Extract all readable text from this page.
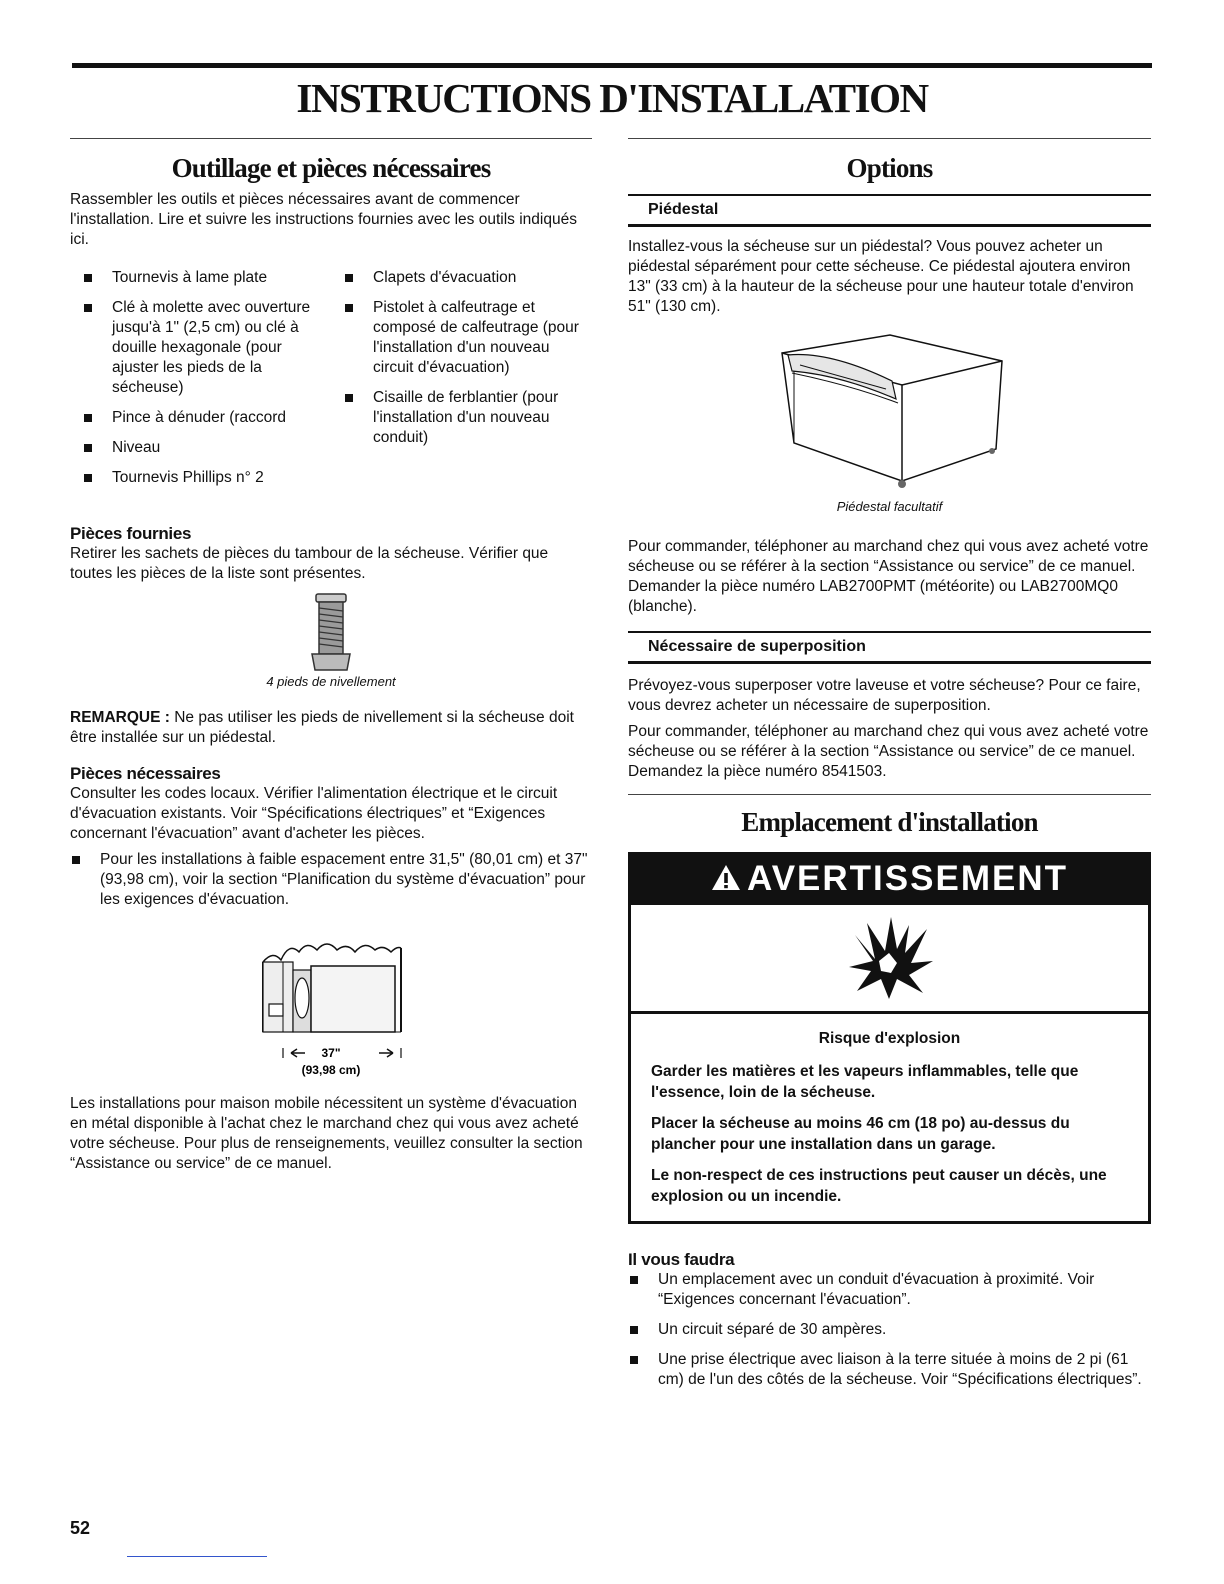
INSTRUCTIONS D'INSTALLATION
Outillage et pièces nécessaires

Rassembler les outils et pièces nécessaires avant de commencer l'installation. Lire et suivre les instructions fournies avec les outils indiqués ici.

Tournevis à lame plate
Clé à molette avec ouverture jusqu'à 1" (2,5 cm) ou clé à douille hexagonale (pour ajuster les pieds de la sécheuse)
Pince à dénuder (raccord
Niveau
Tournevis Phillips n° 2
Clapets d'évacuation
Pistolet à calfeutrage et composé de calfeutrage (pour l'installation d'un nouveau circuit d'évacuation)
Cisaille de ferblantier (pour l'installation d'un nouveau conduit)
Pièces fournies

Retirer les sachets de pièces du tambour de la sécheuse. Vérifier que toutes les pièces de la liste sont présentes.

4 pieds de nivellement

REMARQUE : Ne pas utiliser les pieds de nivellement si la sécheuse doit être installée sur un piédestal.

Pièces nécessaires

Consulter les codes locaux. Vérifier l'alimentation électrique et le circuit d'évacuation existants. Voir “Spécifications électriques” et “Exigences concernant l'évacuation” avant d'acheter les pièces.

Pour les installations à faible espacement entre 31,5" (80,01 cm) et 37" (93,98 cm), voir la section “Planification du système d'évacuation” pour les exigences d'évacuation.
37"
(93,98 cm)

Les installations pour maison mobile nécessitent un système d'évacuation en métal disponible à l'achat chez le marchand chez qui vous avez acheté votre sécheuse. Pour plus de renseignements, veuillez consulter la section “Assistance ou service” de ce manuel.

Options
Piédestal

Installez-vous la sécheuse sur un piédestal? Vous pouvez acheter un piédestal séparément pour cette sécheuse. Ce piédestal ajoutera environ 13" (33 cm) à la hauteur de la sécheuse pour une hauteur totale d'environ 51" (130 cm).

Piédestal facultatif

Pour commander, téléphoner au marchand chez qui vous avez acheté votre sécheuse ou se référer à la section “Assistance ou service” de ce manuel. Demander la pièce numéro LAB2700PMT (météorite) ou LAB2700MQ0 (blanche).

Nécessaire de superposition

Prévoyez-vous superposer votre laveuse et votre sécheuse? Pour ce faire, vous devrez acheter un nécessaire de superposition.

Pour commander, téléphoner au marchand chez qui vous avez acheté votre sécheuse ou se référer à la section “Assistance ou service” de ce manuel. Demandez la pièce numéro 8541503.

Emplacement d'installation
AVERTISSEMENT

Risque d'explosion

Garder les matières et les vapeurs inflammables, telle que l'essence, loin de la sécheuse.

Placer la sécheuse au moins 46 cm (18 po) au-dessus du plancher pour une installation dans un garage.

Le non-respect de ces instructions peut causer un décès, une explosion ou un incendie.

Il vous faudra
Un emplacement avec un conduit d'évacuation à proximité. Voir “Exigences concernant l'évacuation”.
Un circuit séparé de 30 ampères.
Une prise électrique avec liaison à la terre située à moins de 2 pi (61 cm) de l'un des côtés de la sécheuse. Voir “Spécifications électriques”.
52
